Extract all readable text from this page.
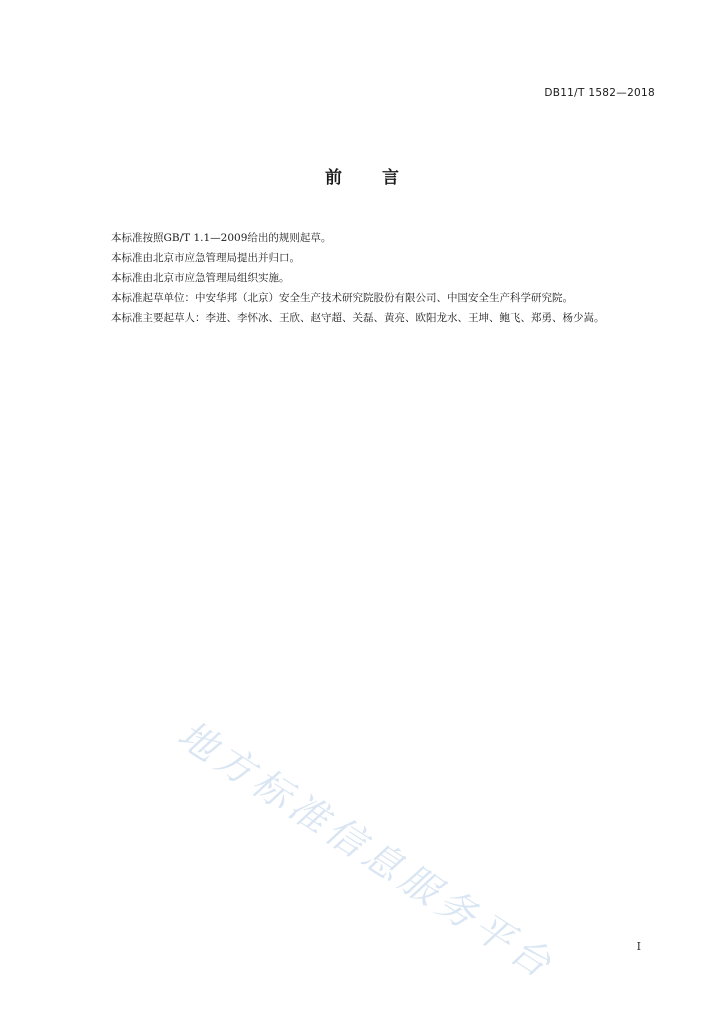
DB11/T 1582—2018
前 言

本标准按照GB/T 1.1—2009给出的规则起草。

本标准由北京市应急管理局提出并归口。

本标准由北京市应急管理局组织实施。

本标准起草单位：中安华邦（北京）安全生产技术研究院股份有限公司、中国安全生产科学研究院。

本标准主要起草人：李进、李怀冰、王欣、赵守超、关磊、黄亮、欧阳龙水、王坤、鲍飞、郑勇、杨少嵩。

地方标准信息服务平台	I
